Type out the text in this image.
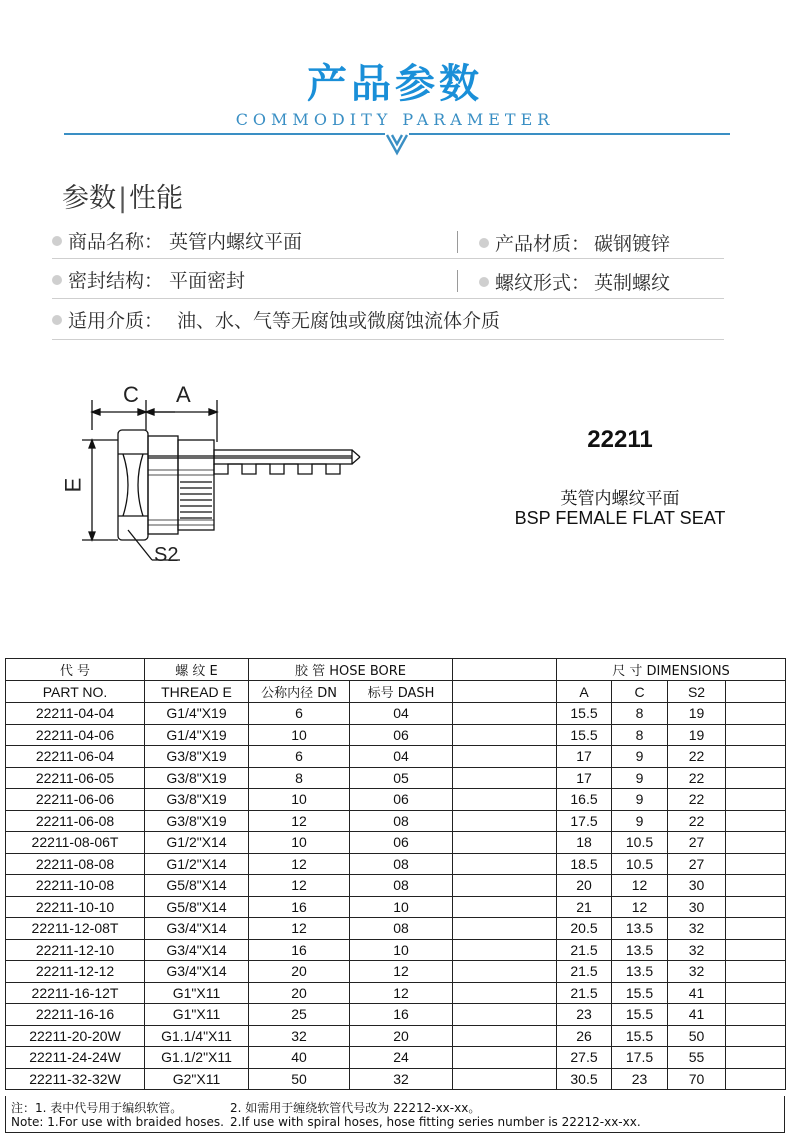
产品参数
COMMODITY PARAMETER
参数|性能
商品名称： 英管内螺纹平面	产品材质： 碳钢镀锌
密封结构： 平面密封	螺纹形式： 英制螺纹
适用介质： 油、水、气等无腐蚀或微腐蚀流体介质
C A
E
S2
22211
英管内螺纹平面
BSP FEMALE FLAT SEAT
代 号	螺 纹 E	胶 管 HOSE BORE			尺 寸 DIMENSIONS			
PART NO.	THREAD E	公称内径 DN	标号 DASH		A	C	S2	
22211-04-04	G1/4"X19	6	04		15.5	8	19	
22211-04-06	G1/4"X19	10	06		15.5	8	19	
22211-06-04	G3/8"X19	6	04		17	9	22	
22211-06-05	G3/8"X19	8	05		17	9	22	
22211-06-06	G3/8"X19	10	06		16.5	9	22	
22211-06-08	G3/8"X19	12	08		17.5	9	22	
22211-08-06T	G1/2"X14	10	06		18	10.5	27	
22211-08-08	G1/2"X14	12	08		18.5	10.5	27	
22211-10-08	G5/8"X14	12	08		20	12	30	
22211-10-10	G5/8"X14	16	10		21	12	30	
22211-12-08T	G3/4"X14	12	08		20.5	13.5	32	
22211-12-10	G3/4"X14	16	10		21.5	13.5	32	
22211-12-12	G3/4"X14	20	12		21.5	13.5	32	
22211-16-12T	G1"X11	20	12		21.5	15.5	41	
22211-16-16	G1"X11	25	16		23	15.5	41	
22211-20-20W	G1.1/4"X11	32	20		26	15.5	50	
22211-24-24W	G1.1/2"X11	40	24		27.5	17.5	55	
22211-32-32W	G2"X11	50	32		30.5	23	70	
注：1. 表中代号用于编织软管。	2. 如需用于缠绕软管代号改为 22212-xx-xx。
Note: 1.For use with braided hoses. 2.If use with spiral hoses, hose fitting series number is 22212-xx-xx.
